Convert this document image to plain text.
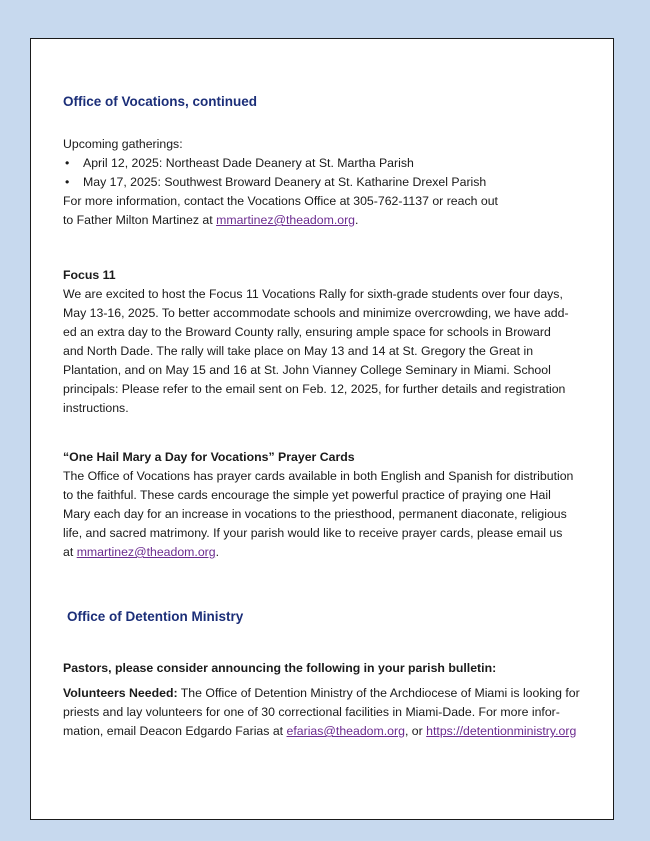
Office of Vocations, continued

Upcoming gatherings:

• April 12, 2025: Northeast Dade Deanery at St. Martha Parish
• May 17, 2025: Southwest Broward Deanery at St. Katharine Drexel Parish

For more information, contact the Vocations Office at 305-762-1137 or reach out

to Father Milton Martinez at mmartinez@theadom.org.

Focus 11

We are excited to host the Focus 11 Vocations Rally for sixth-grade students over four days,

May 13-16, 2025. To better accommodate schools and minimize overcrowding, we have add-

ed an extra day to the Broward County rally, ensuring ample space for schools in Broward

and North Dade. The rally will take place on May 13 and 14 at St. Gregory the Great in

Plantation, and on May 15 and 16 at St. John Vianney College Seminary in Miami. School

principals: Please refer to the email sent on Feb. 12, 2025, for further details and registration

instructions.

“One Hail Mary a Day for Vocations” Prayer Cards

The Office of Vocations has prayer cards available in both English and Spanish for distribution

to the faithful. These cards encourage the simple yet powerful practice of praying one Hail

Mary each day for an increase in vocations to the priesthood, permanent diaconate, religious

life, and sacred matrimony. If your parish would like to receive prayer cards, please email us

at mmartinez@theadom.org.

Office of Detention Ministry

Pastors, please consider announcing the following in your parish bulletin:

Volunteers Needed: The Office of Detention Ministry of the Archdiocese of Miami is looking for

priests and lay volunteers for one of 30 correctional facilities in Miami-Dade. For more infor-

mation, email Deacon Edgardo Farias at efarias@theadom.org, or https://detentionministry.org
